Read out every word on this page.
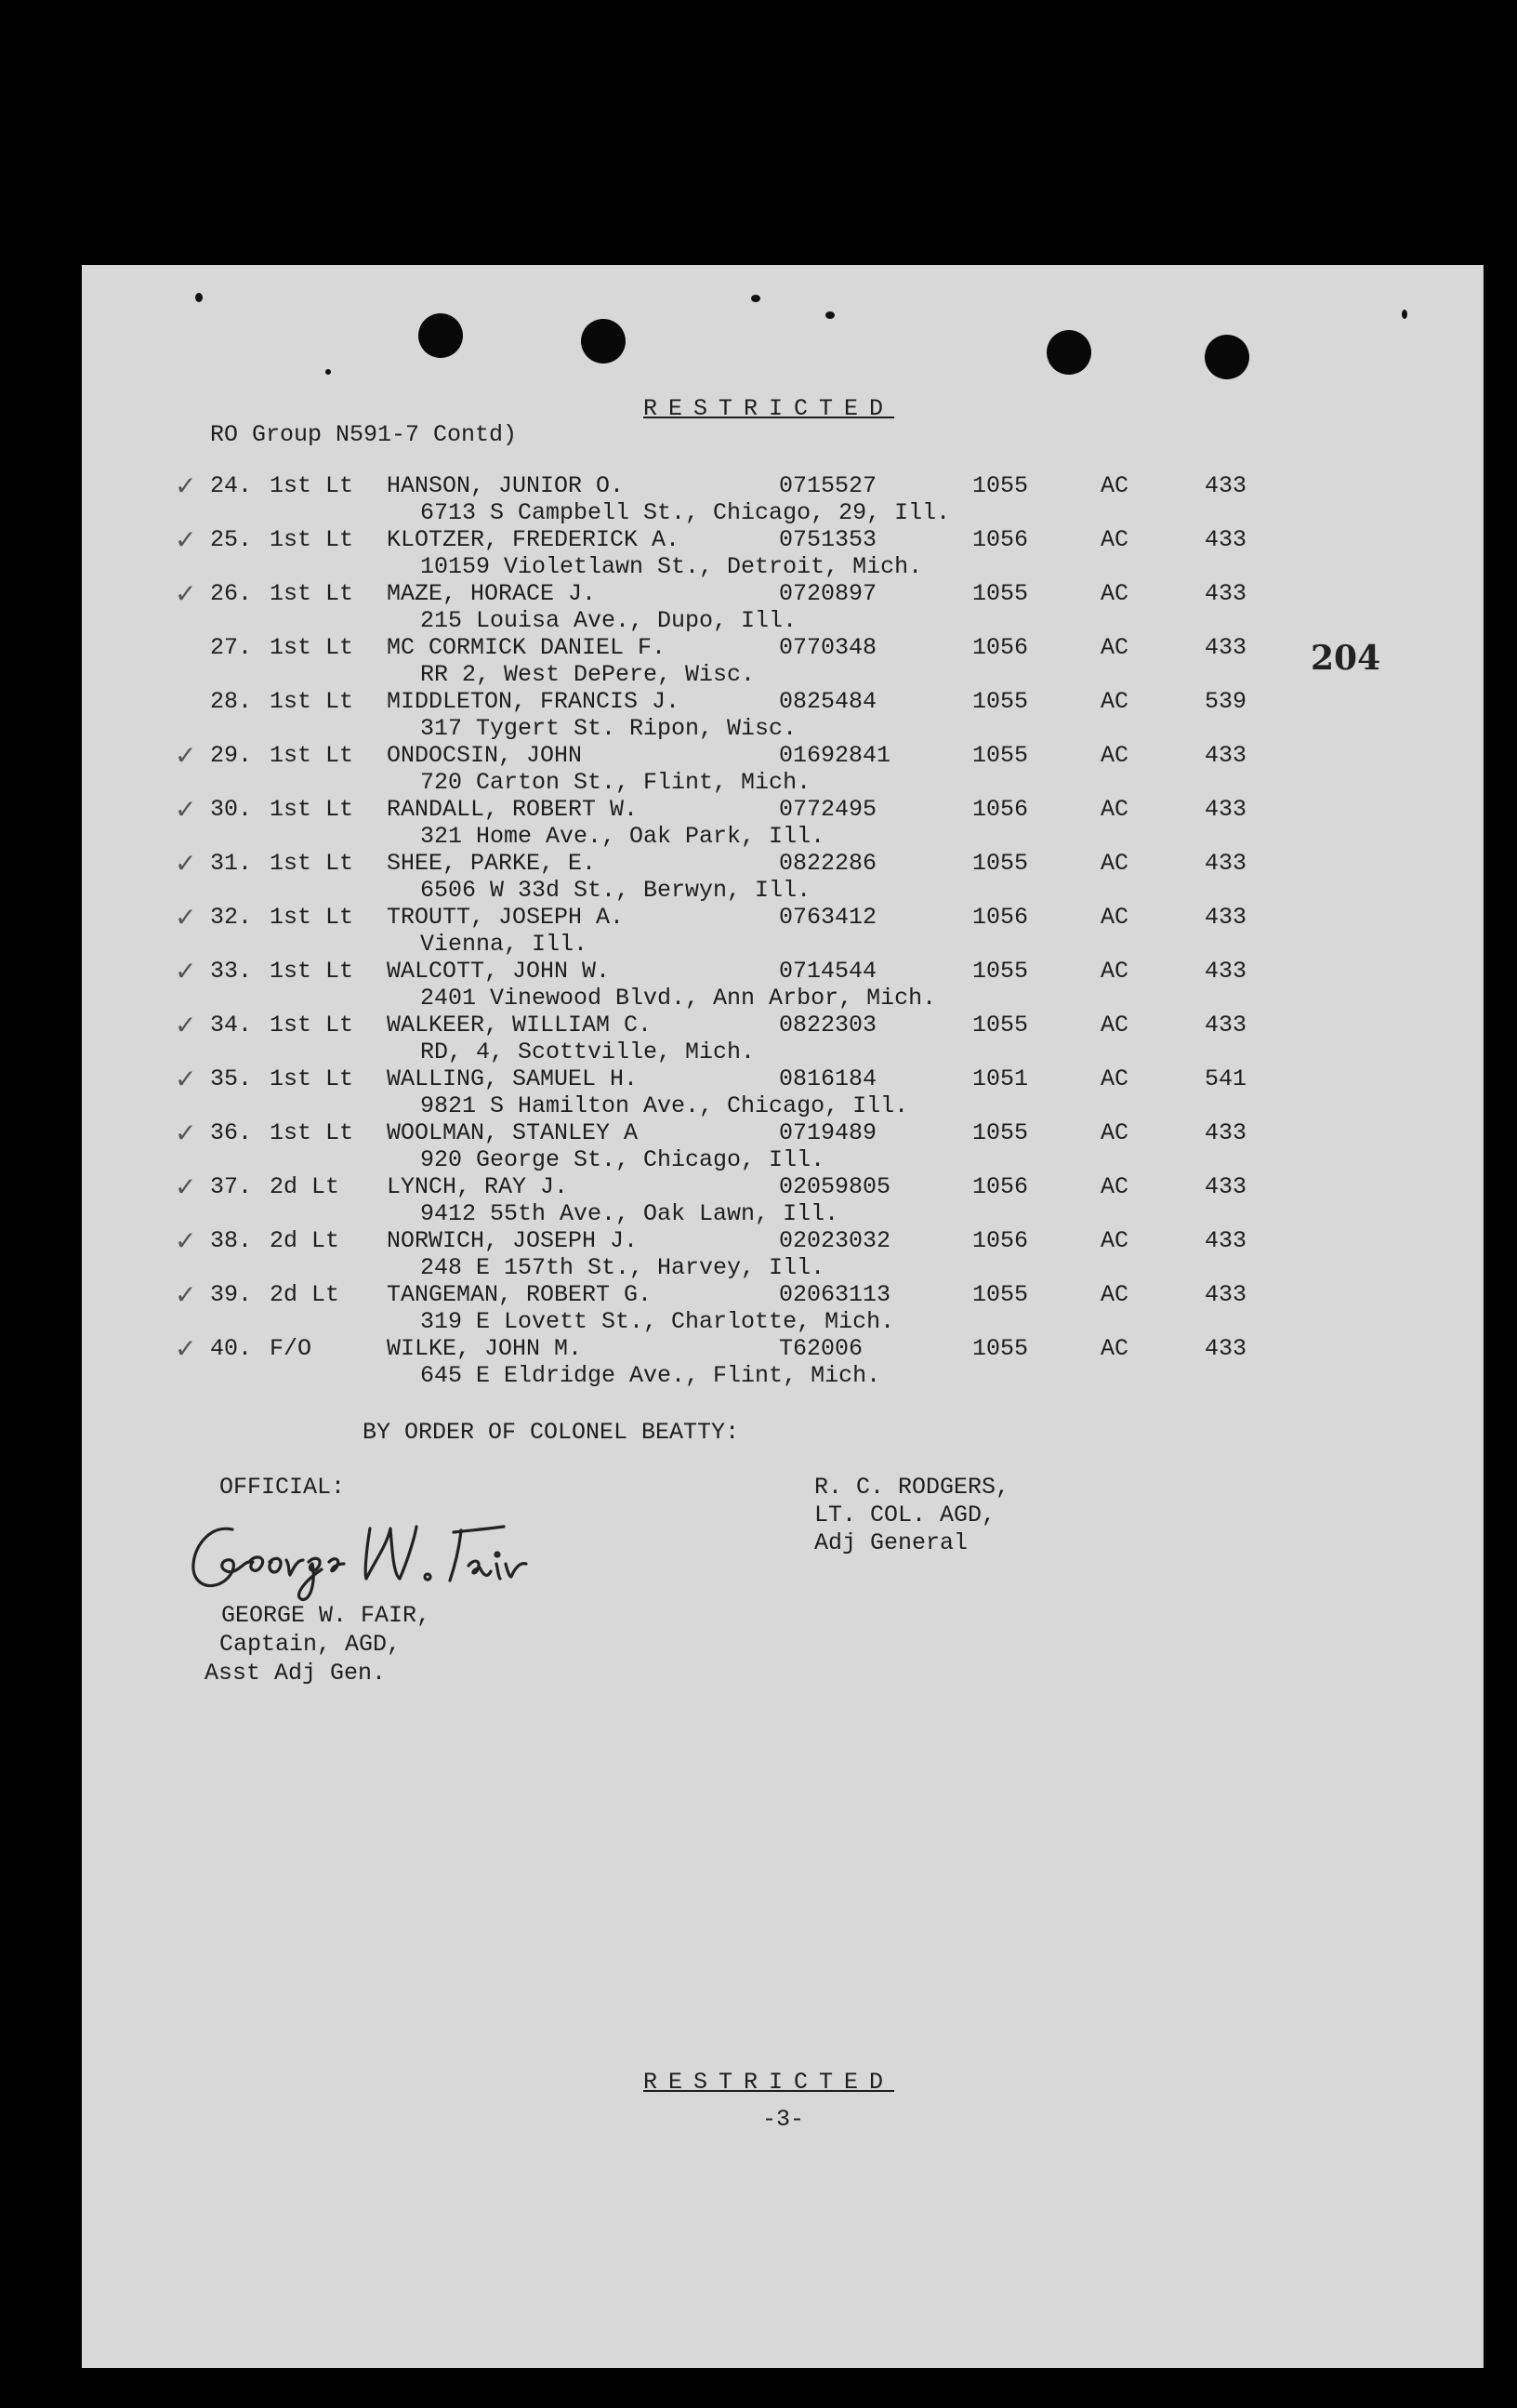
RESTRICTED
RO Group N591-7 Contd)
204
✓ 24. 1st Lt HANSON, JUNIOR O.	0715527	1055	AC	433
6713 S Campbell St., Chicago, 29, Ill.
✓ 25. 1st Lt KLOTZER, FREDERICK A.	0751353	1056	AC	433
10159 Violetlawn St., Detroit, Mich.
✓ 26. 1st Lt MAZE, HORACE J.	0720897	1055	AC	433
215 Louisa Ave., Dupo, Ill.
27. 1st Lt MC CORMICK DANIEL F.	0770348	1056	AC	433
RR 2, West DePere, Wisc.
28. 1st Lt MIDDLETON, FRANCIS J.	0825484	1055	AC	539
317 Tygert St. Ripon, Wisc.
✓ 29. 1st Lt ONDOCSIN, JOHN	01692841	1055	AC	433
720 Carton St., Flint, Mich.
✓ 30. 1st Lt RANDALL, ROBERT W.	0772495	1056	AC	433
321 Home Ave., Oak Park, Ill.
✓ 31. 1st Lt SHEE, PARKE, E.	0822286	1055	AC	433
6506 W 33d St., Berwyn, Ill.
✓ 32. 1st Lt TROUTT, JOSEPH A.	0763412	1056	AC	433
Vienna, Ill.
✓ 33. 1st Lt WALCOTT, JOHN W.	0714544	1055	AC	433
2401 Vinewood Blvd., Ann Arbor, Mich.
✓ 34. 1st Lt WALKEER, WILLIAM C.	0822303	1055	AC	433
RD, 4, Scottville, Mich.
✓ 35. 1st Lt WALLING, SAMUEL H.	0816184	1051	AC	541
9821 S Hamilton Ave., Chicago, Ill.
✓ 36. 1st Lt WOOLMAN, STANLEY A	0719489	1055	AC	433
920 George St., Chicago, Ill.
✓ 37. 2d Lt LYNCH, RAY J.	02059805	1056	AC	433
9412 55th Ave., Oak Lawn, Ill.
✓ 38. 2d Lt NORWICH, JOSEPH J.	02023032	1056	AC	433
248 E 157th St., Harvey, Ill.
✓ 39. 2d Lt TANGEMAN, ROBERT G.	02063113	1055	AC	433
319 E Lovett St., Charlotte, Mich.
✓ 40. F/O	WILKE, JOHN M.	T62006	1055	AC	433
645 E Eldridge Ave., Flint, Mich.
BY ORDER OF COLONEL BEATTY:
OFFICIAL:
GEORGE W. FAIR,
Captain, AGD,
Asst Adj Gen.
R. C. RODGERS,
LT. COL. AGD,
Adj General
RESTRICTED
-3-
